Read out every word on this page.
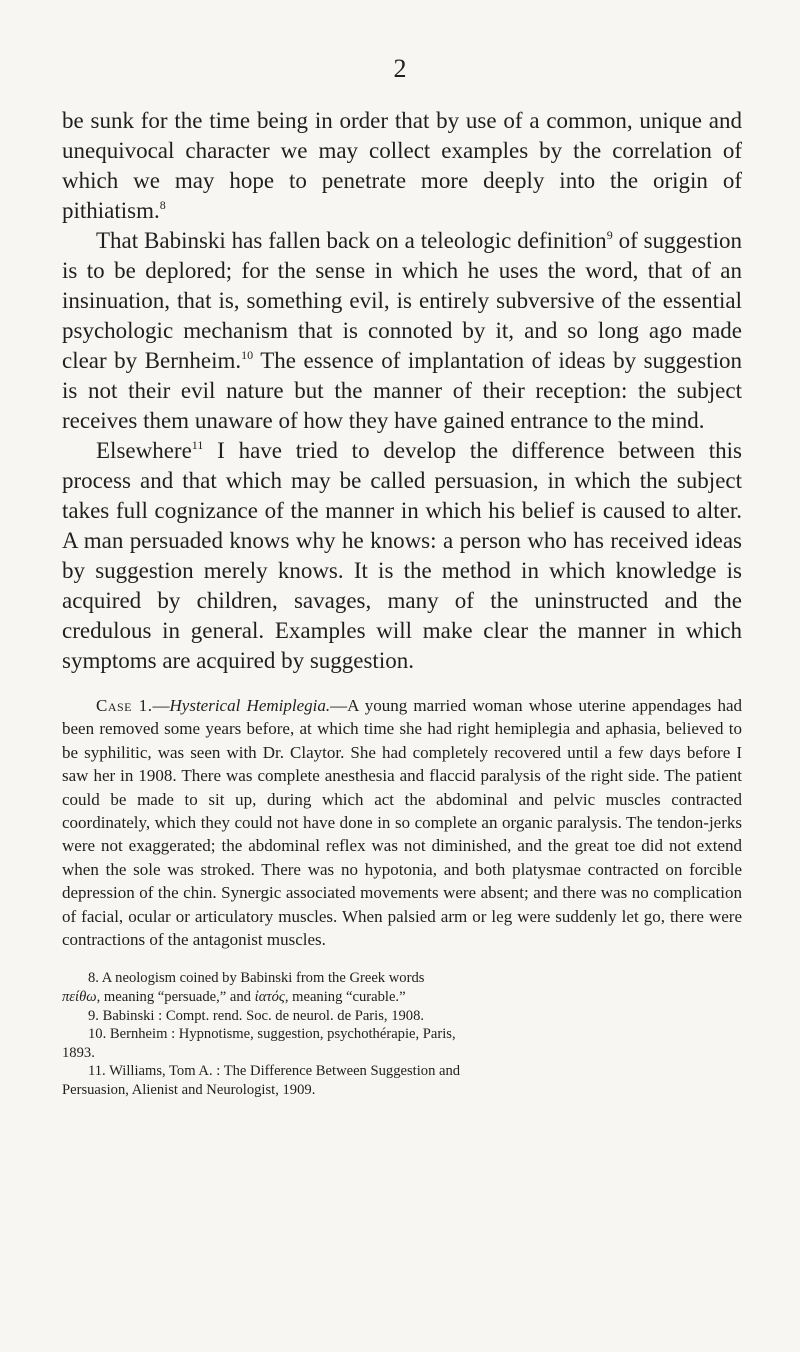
2

be sunk for the time being in order that by use of a common, unique and unequivocal character we may collect examples by the correlation of which we may hope to penetrate more deeply into the origin of pithiatism.$^8$

That Babinski has fallen back on a teleologic definition$^9$ of suggestion is to be deplored; for the sense in which he uses the word, that of an insinuation, that is, something evil, is entirely subversive of the essential psychologic mechanism that is connoted by it, and so long ago made clear by Bernheim.$^{10}$ The essence of implantation of ideas by suggestion is not their evil nature but the manner of their reception: the subject receives them unaware of how they have gained entrance to the mind.

Elsewhere$^{11}$ I have tried to develop the difference between this process and that which may be called persuasion, in which the subject takes full cognizance of the manner in which his belief is caused to alter. A man persuaded knows why he knows: a person who has received ideas by suggestion merely knows. It is the method in which knowledge is acquired by children, savages, many of the uninstructed and the credulous in general. Examples will make clear the manner in which symptoms are acquired by suggestion.

Case 1.—Hysterical Hemiplegia.—A young married woman whose uterine appendages had been removed some years before, at which time she had right hemiplegia and aphasia, believed to be syphilitic, was seen with Dr. Claytor. She had completely recovered until a few days before I saw her in 1908. There was complete anesthesia and flaccid paralysis of the right side. The patient could be made to sit up, during which act the abdominal and pelvic muscles contracted coordinately, which they could not have done in so complete an organic paralysis. The tendon-jerks were not exaggerated; the abdominal reflex was not diminished, and the great toe did not extend when the sole was stroked. There was no hypotonia, and both platysmae contracted on forcible depression of the chin. Synergic associated movements were absent; and there was no complication of facial, ocular or articulatory muscles. When palsied arm or leg were suddenly let go, there were contractions of the antagonist muscles.

8. A neologism coined by Babinski from the Greek words

πείθω, meaning “persuade,” and ἰατός, meaning “curable.”

9. Babinski : Compt. rend. Soc. de neurol. de Paris, 1908.

10. Bernheim : Hypnotisme, suggestion, psychothérapie, Paris,

1893.

11. Williams, Tom A. : The Difference Between Suggestion and

Persuasion, Alienist and Neurologist, 1909.
